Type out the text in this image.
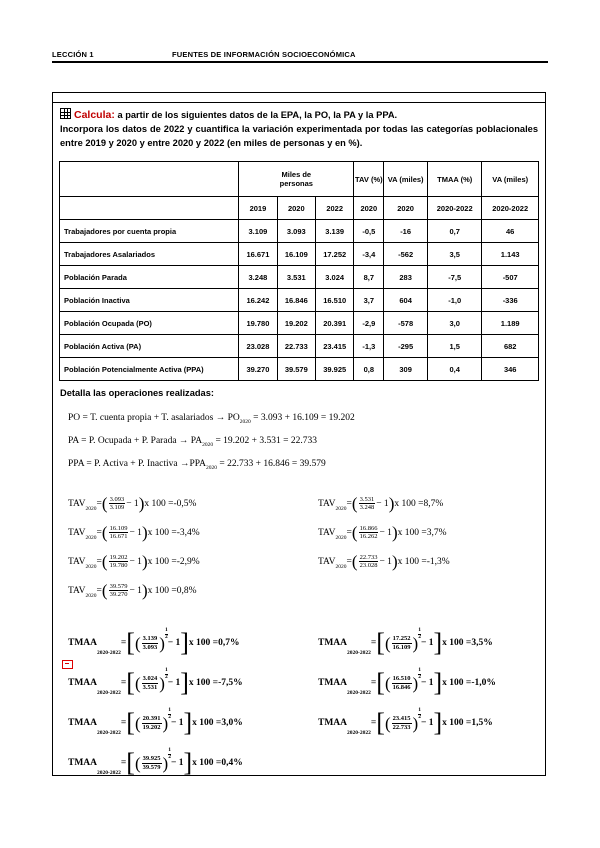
LECCIÓN 1	FUENTES DE INFORMACIÓN SOCIOECONÓMICA
Calcula: a partir de los siguientes datos de la EPA, la PO, la PA y la PPA.

Incorpora los datos de 2022 y cuantifica la variación experimentada por todas las categorías poblacionales entre 2019 y 2020 y entre 2020 y 2022 (en miles de personas y en %).
	Miles de personas			TAV (%)	VA (miles)	TMAA (%)	VA (miles)
	2019	2020	2022	2020	2020	2020-2022	2020-2022
Trabajadores por cuenta propia	3.109	3.093	3.139	-0,5	-16	0,7	46
Trabajadores Asalariados	16.671	16.109	17.252	-3,4	-562	3,5	1.143
Población Parada	3.248	3.531	3.024	8,7	283	-7,5	-507
Población Inactiva	16.242	16.846	16.510	3,7	604	-1,0	-336
Población Ocupada (PO)	19.780	19.202	20.391	-2,9	-578	3,0	1.189
Población Activa (PA)	23.028	22.733	23.415	-1,3	-295	1,5	682
Población Potencialmente Activa (PPA)	39.270	39.579	39.925	0,8	309	0,4	346
Detalla las operaciones realizadas:
PO = T. cuenta propia + T. asalariados → $PO_{2020} = 3.093 + 16.109 = 19.202$
PA = P. Ocupada + P. Parada → $PA_{2020} = 19.202 + 3.531 = 22.733$
PPA = P. Activa + P. Inactiva $\to PPA_{2020} = 22.733 + 16.846 = 39.579$
TAV
2020
= ( $\frac{3.093}{3.109} - 1$ ) x 100 = -0,5 %	TAV
2020
= ( $\frac{3.531}{3.248} - 1$ ) x 100 = 8,7 %
TAV
2020
= ( $\frac{16.109}{16.671} - 1$ ) x 100 = -3,4 %	TAV
2020
= ( $\frac{16.866}{16.262} - 1$ ) x 100 = 3,7 %
TAV
2020
= ( $\frac{19.202}{19.780} - 1$ ) x 100 = -2,9 %	TAV
2020
= ( $\frac{22.733}{23.028} - 1$ ) x 100 = -1,3 %
TAV
2020
= ( $\frac{39.579}{39.270} - 1$ ) x 100 = 0,8 %
TMAA
2020-2022
= [ ( $\frac{3.139}{3.093}$ ) $\frac{1}{2}$
− 1 ] x 100 = 0,7 %	TMAA
2020-2022
= [ ( $\frac{17.252}{16.109}$ ) $\frac{1}{2}$
− 1 ] x 100 = 3,5 %
TMAA
2020-2022
= [ ( $\frac{3.024}{3.531}$ ) $\frac{1}{2}$
− 1 ] x 100 = -7,5 %	TMAA
2020-2022
= [ ( $\frac{16.510}{16.846}$ ) $\frac{1}{2}$
− 1 ] x 100 = -1,0 %
TMAA
2020-2022
= [ ( $\frac{20.391}{19.202}$ ) $\frac{1}{2}$
− 1 ] x 100 = 3,0 %	TMAA
2020-2022
= [ ( $\frac{23.415}{22.733}$ ) $\frac{1}{2}$
− 1 ] x 100 = 1,5 %
TMAA
2020-2022
= [ ( $\frac{39.925}{39.579}$ ) $\frac{1}{2}$
− 1 ] x 100 = 0,4 %
